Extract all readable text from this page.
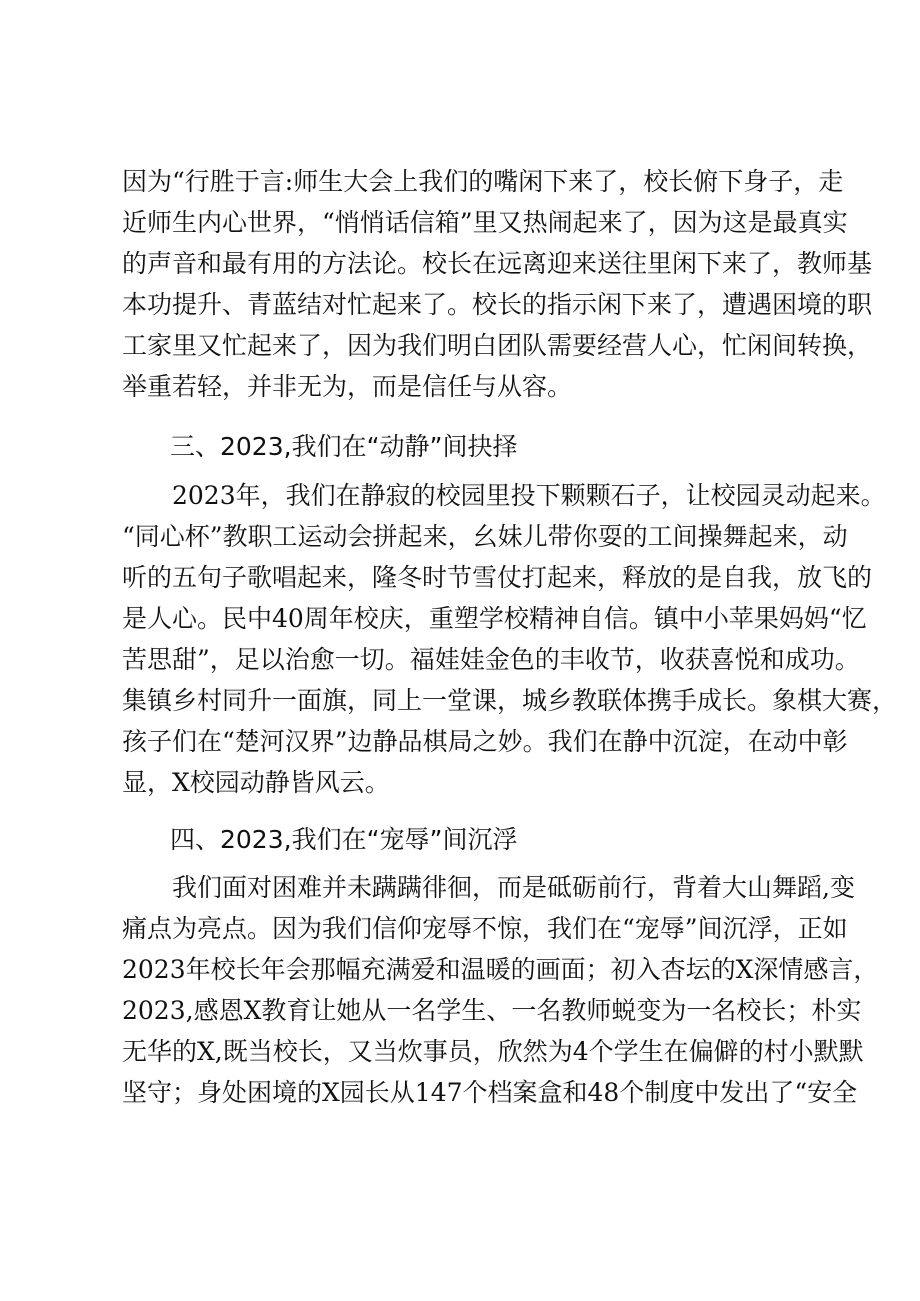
因为“行胜于言:师生大会上我们的嘴闲下来了，校长俯下身子，走
近师生内心世界，“悄悄话信箱”里又热闹起来了，因为这是最真实
的声音和最有用的方法论。校长在远离迎来送往里闲下来了，教师基
本功提升、青蓝结对忙起来了。校长的指示闲下来了，遭遇困境的职
工家里又忙起来了，因为我们明白团队需要经营人心，忙闲间转换，
举重若轻，并非无为，而是信任与从容。
三、2023,我们在“动静”间抉择
　　2023年，我们在静寂的校园里投下颗颗石子，让校园灵动起来。
“同心杯”教职工运动会拼起来，幺妹儿带你耍的工间操舞起来，动
听的五句子歌唱起来，隆冬时节雪仗打起来，释放的是自我，放飞的
是人心。民中40周年校庆，重塑学校精神自信。镇中小苹果妈妈“忆
苦思甜”，足以治愈一切。福娃娃金色的丰收节，收获喜悦和成功。
集镇乡村同升一面旗，同上一堂课，城乡教联体携手成长。象棋大赛，
孩子们在“楚河汉界”边静品棋局之妙。我们在静中沉淀，在动中彰
显，X校园动静皆风云。
四、2023,我们在“宠辱”间沉浮
　　我们面对困难并未蹒蹒徘徊，而是砥砺前行，背着大山舞蹈,变
痛点为亮点。因为我们信仰宠辱不惊，我们在“宠辱”间沉浮，正如
2023年校长年会那幅充满爱和温暖的画面；初入杏坛的X深情感言，
2023,感恩X教育让她从一名学生、一名教师蜕变为一名校长；朴实
无华的X,既当校长，又当炊事员，欣然为4个学生在偏僻的村小默默
坚守；身处困境的X园长从147个档案盒和48个制度中发出了“安全
